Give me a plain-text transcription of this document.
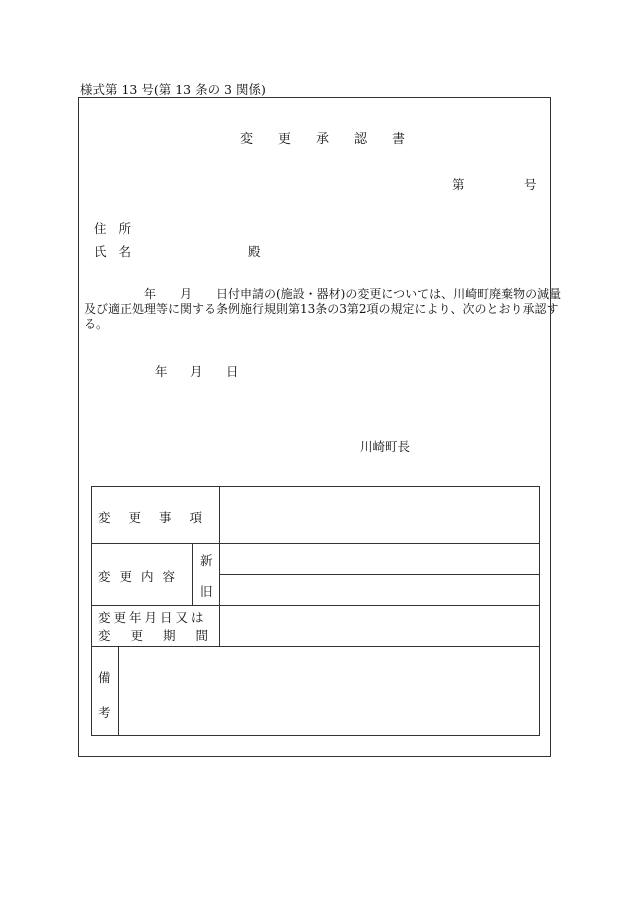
様式第 13 号(第 13 条の 3 関係)
変更承認書
第	号
住 所
氏 名	殿
年　　月　　日付申請の(施設・器材)の変更については、川崎町廃棄物の減量
及び適正処理等に関する条例施行規則第13条の3第2項の規定により、次のとおり承認す
る。
年 月 日
川崎町長
変更事項
変更内容
新
旧
変更年月日又は
変更期間
備
考
